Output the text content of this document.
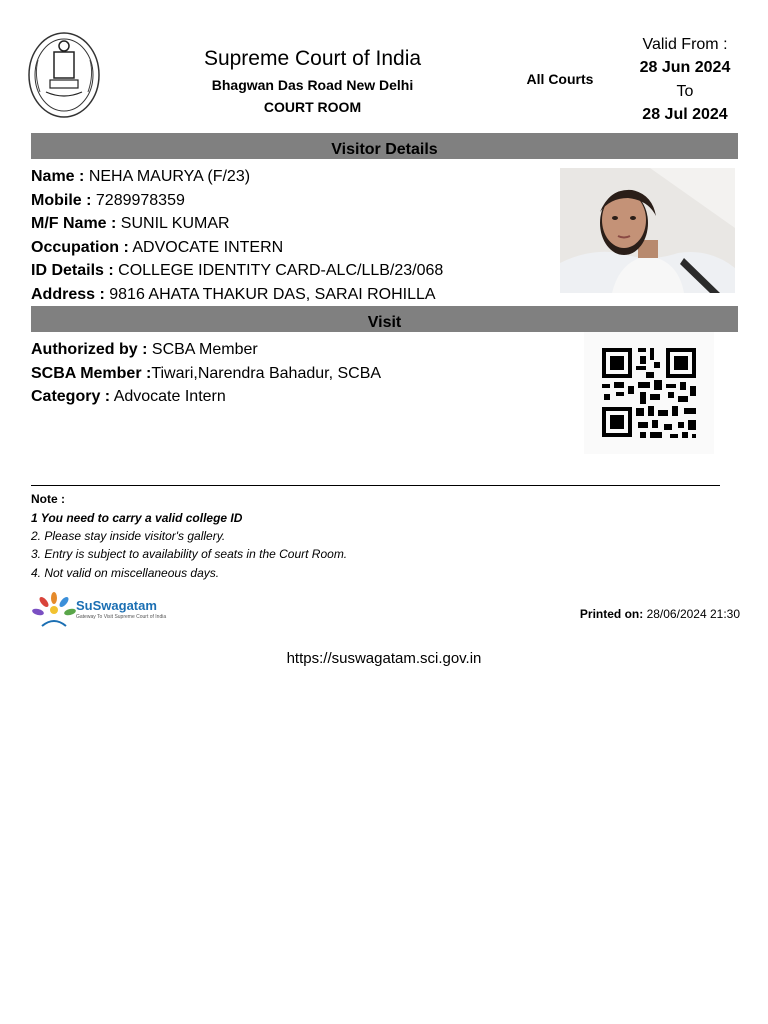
Supreme Court of India
Bhagwan Das Road New Delhi
COURT ROOM
All Courts
Valid From :
28 Jun 2024
To
28 Jul 2024
Visitor Details
Name : NEHA MAURYA (F/23)
Mobile : 7289978359
M/F Name : SUNIL KUMAR
Occupation : ADVOCATE INTERN
ID Details : COLLEGE IDENTITY CARD-ALC/LLB/23/068
Address : 9816 AHATA THAKUR DAS, SARAI ROHILLA
Visit
Authorized by : SCBA Member
SCBA Member :Tiwari,Narendra Bahadur, SCBA
Category : Advocate Intern
Note :
1 You need to carry a valid college ID
2. Please stay inside visitor's gallery.
3. Entry is subject to availability of seats in the Court Room.
4. Not valid on miscellaneous days.
SuSwagatam
Gateway To Visit Supreme Court of India	Printed on: 28/06/2024 21:30
https://suswagatam.sci.gov.in
